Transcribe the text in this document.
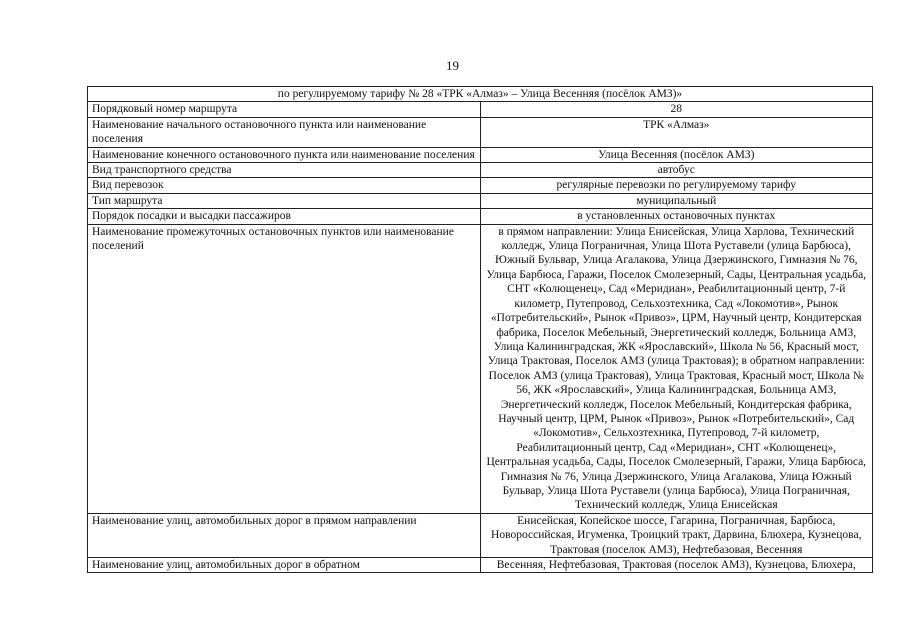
19
по регулируемому тарифу № 28 «ТРК «Алмаз» – Улица Весенняя (посёлок АМЗ)»	
Порядковый номер маршрута	28
Наименование начального остановочного пункта или наименование поселения	ТРК «Алмаз»
Наименование конечного остановочного пункта или наименование поселения	Улица Весенняя (посёлок АМЗ)
Вид транспортного средства	автобус
Вид перевозок	регулярные перевозки по регулируемому тарифу
Тип маршрута	муниципальный
Порядок посадки и высадки пассажиров	в установленных остановочных пунктах
Наименование промежуточных остановочных пунктов или наименование поселений	в прямом направлении: Улица Енисейская, Улица Харлова, Технический колледж, Улица Пограничная, Улица Шота Руставели (улица Барбюса), Южный Бульвар, Улица Агалакова, Улица Дзержинского, Гимназия № 76, Улица Барбюса, Гаражи, Поселок Смолезерный, Сады, Центральная усадьба, СНТ «Колющенец», Сад «Меридиан», Реабилитационный центр, 7-й километр, Путепровод, Сельхозтехника, Сад «Локомотив», Рынок «Потребительский», Рынок «Привоз», ЦРМ, Научный центр, Кондитерская фабрика, Поселок Мебельный, Энергетический колледж, Больница АМЗ, Улица Калининградская, ЖК «Ярославский», Школа № 56, Красный мост, Улица Трактовая, Поселок АМЗ (улица Трактовая); в обратном направлении: Поселок АМЗ (улица Трактовая), Улица Трактовая, Красный мост, Школа № 56, ЖК «Ярославский», Улица Калининградская, Больница АМЗ, Энергетический колледж, Поселок Мебельный, Кондитерская фабрика, Научный центр, ЦРМ, Рынок «Привоз», Рынок «Потребительский», Сад «Локомотив», Сельхозтехника, Путепровод, 7-й километр, Реабилитационный центр, Сад «Меридиан», СНТ «Колющенец», Центральная усадьба, Сады, Поселок Смолезерный, Гаражи, Улица Барбюса, Гимназия № 76, Улица Дзержинского, Улица Агалакова, Улица Южный Бульвар, Улица Шота Руставели (улица Барбюса), Улица Пограничная, Технический колледж, Улица Енисейская
Наименование улиц, автомобильных дорог в прямом направлении	Енисейская, Копейское шоссе, Гагарина, Пограничная, Барбюса, Новороссийская, Игуменка, Троицкий тракт, Дарвина, Блюхера, Кузнецова, Трактовая (поселок АМЗ), Нефтебазовая, Весенняя
Наименование улиц, автомобильных дорог в обратном	Весенняя, Нефтебазовая, Трактовая (поселок АМЗ), Кузнецова, Блюхера,
